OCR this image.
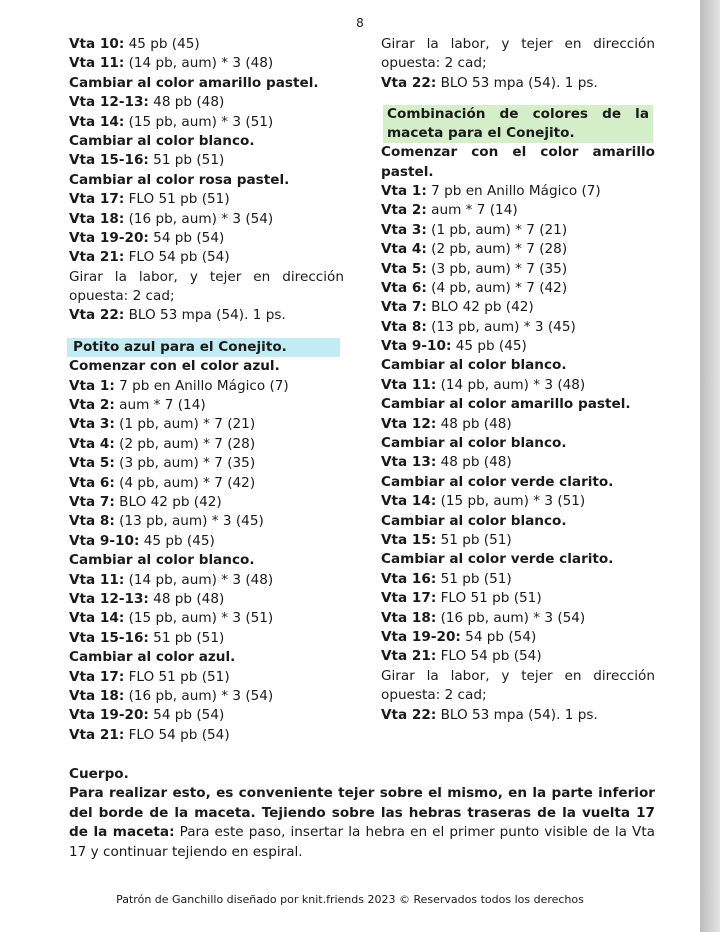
8
Vta 10: 45 pb (45)
Vta 11: (14 pb, aum) * 3 (48)
Cambiar al color amarillo pastel.
Vta 12-13: 48 pb (48)
Vta 14: (15 pb, aum) * 3 (51)
Cambiar al color blanco.
Vta 15-16: 51 pb (51)
Cambiar al color rosa pastel.
Vta 17: FLO 51 pb (51)
Vta 18: (16 pb, aum) * 3 (54)
Vta 19-20: 54 pb (54)
Vta 21: FLO 54 pb (54)
Girar la labor, y tejer en dirección
opuesta: 2 cad;
Vta 22: BLO 53 mpa (54). 1 ps.
Potito azul para el Conejito.
Comenzar con el color azul.
Vta 1: 7 pb en Anillo Mágico (7)
Vta 2: aum * 7 (14)
Vta 3: (1 pb, aum) * 7 (21)
Vta 4: (2 pb, aum) * 7 (28)
Vta 5: (3 pb, aum) * 7 (35)
Vta 6: (4 pb, aum) * 7 (42)
Vta 7: BLO 42 pb (42)
Vta 8: (13 pb, aum) * 3 (45)
Vta 9-10: 45 pb (45)
Cambiar al color blanco.
Vta 11: (14 pb, aum) * 3 (48)
Vta 12-13: 48 pb (48)
Vta 14: (15 pb, aum) * 3 (51)
Vta 15-16: 51 pb (51)
Cambiar al color azul.
Vta 17: FLO 51 pb (51)
Vta 18: (16 pb, aum) * 3 (54)
Vta 19-20: 54 pb (54)
Vta 21: FLO 54 pb (54)
Girar la labor, y tejer en dirección
opuesta: 2 cad;
Vta 22: BLO 53 mpa (54). 1 ps.
Combinación de colores de la
maceta para el Conejito.
Comenzar con el color amarillo
pastel.
Vta 1: 7 pb en Anillo Mágico (7)
Vta 2: aum * 7 (14)
Vta 3: (1 pb, aum) * 7 (21)
Vta 4: (2 pb, aum) * 7 (28)
Vta 5: (3 pb, aum) * 7 (35)
Vta 6: (4 pb, aum) * 7 (42)
Vta 7: BLO 42 pb (42)
Vta 8: (13 pb, aum) * 3 (45)
Vta 9-10: 45 pb (45)
Cambiar al color blanco.
Vta 11: (14 pb, aum) * 3 (48)
Cambiar al color amarillo pastel.
Vta 12: 48 pb (48)
Cambiar al color blanco.
Vta 13: 48 pb (48)
Cambiar al color verde clarito.
Vta 14: (15 pb, aum) * 3 (51)
Cambiar al color blanco.
Vta 15: 51 pb (51)
Cambiar al color verde clarito.
Vta 16: 51 pb (51)
Vta 17: FLO 51 pb (51)
Vta 18: (16 pb, aum) * 3 (54)
Vta 19-20: 54 pb (54)
Vta 21: FLO 54 pb (54)
Girar la labor, y tejer en dirección
opuesta: 2 cad;
Vta 22: BLO 53 mpa (54). 1 ps.
Cuerpo.
Para realizar esto, es conveniente tejer sobre el mismo, en la parte inferior del borde de la maceta. Tejiendo sobre las hebras traseras de la vuelta 17 de la maceta: Para este paso, insertar la hebra en el primer punto visible de la Vta 17 y continuar tejiendo en espiral.
Patrón de Ganchillo diseñado por knit.friends 2023 © Reservados todos los derechos
